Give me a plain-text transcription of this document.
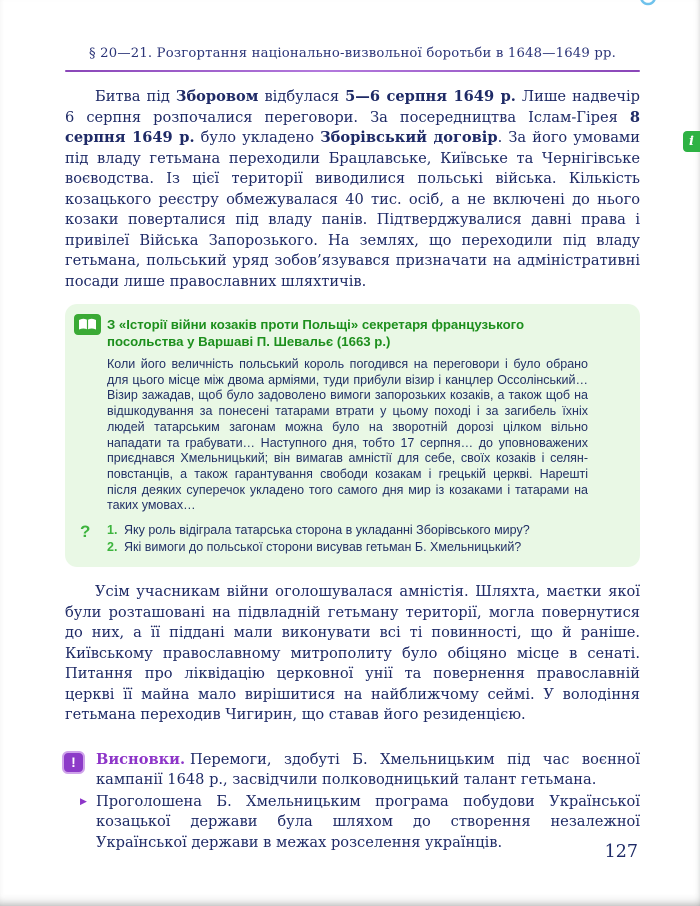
і
§ 20—21. Розгортання національно-визвольної боротьби в 1648—1649 рр.

Битва під Зборовом відбулася 5—6 серпня 1649 р. Лише надвечір 6 серпня розпочалися переговори. За посередництва Іслам-Гірея 8 серпня 1649 р. було укладено Зборівський договір. За його умовами під владу гетьмана переходили Брацлавське, Київське та Чернігівське воєводства. Із цієї території виводилися польські війська. Кількість козацького реєстру обмежувалася 40 тис. осіб, а не включені до нього козаки поверталися під владу панів. Підтверджувалися давні права і привілеї Війська Запорозького. На землях, що переходили під владу гетьмана, польський уряд зобов’язувався призначати на адміністративні посади лише православних шляхтичів.

З «Історії війни козаків проти Польщі» секретаря французького посольства у Варшаві П. Шевальє (1663 р.)

Коли його величність польський король погодився на переговори і було обрано для цього місце між двома арміями, туди прибули візир і канцлер Оссолінський… Візир зажадав, щоб було задоволено вимоги запорозьких козаків, а також щоб на відшкодування за понесені татарами втрати у цьому поході і за загибель їхніх людей татарським загонам можна було на зворотній дорозі цілком вільно нападати та грабувати… Наступного дня, тобто 17 серпня… до уповноважених приєднався Хмельницький; він вимагав амністії для себе, своїх козаків і селян-повстанців, а також гарантування свободи козакам і грецькій церкві. Нарешті після деяких суперечок укладено того самого дня мир із козаками і татарами на таких умовах…

? 1. Яку роль відіграла татарська сторона в укладанні Зборівського миру?
2. Які вимоги до польської сторони висував гетьман Б. Хмельницький?

Усім учасникам війни оголошувалася амністія. Шляхта, маєтки якої були розташовані на підвладній гетьману території, могла повернутися до них, а її піддані мали виконувати всі ті повинності, що й раніше. Київському православному митрополиту було обіцяно місце в сенаті. Питання про ліквідацію церковної унії та повернення православній церкві її майна мало вирішитися на найближчому сеймі. У володіння гетьмана переходив Чигирин, що ставав його резиденцією.

!	Висновки. Перемоги, здобуті Б. Хмельницьким під час воєнної кампанії 1648 р., засвідчили полководницький талант гетьмана.

▶ Проголошена Б. Хмельницьким програма побудови Української козацької держави була шляхом до створення незалежної Української держави в межах розселення українців.	127
